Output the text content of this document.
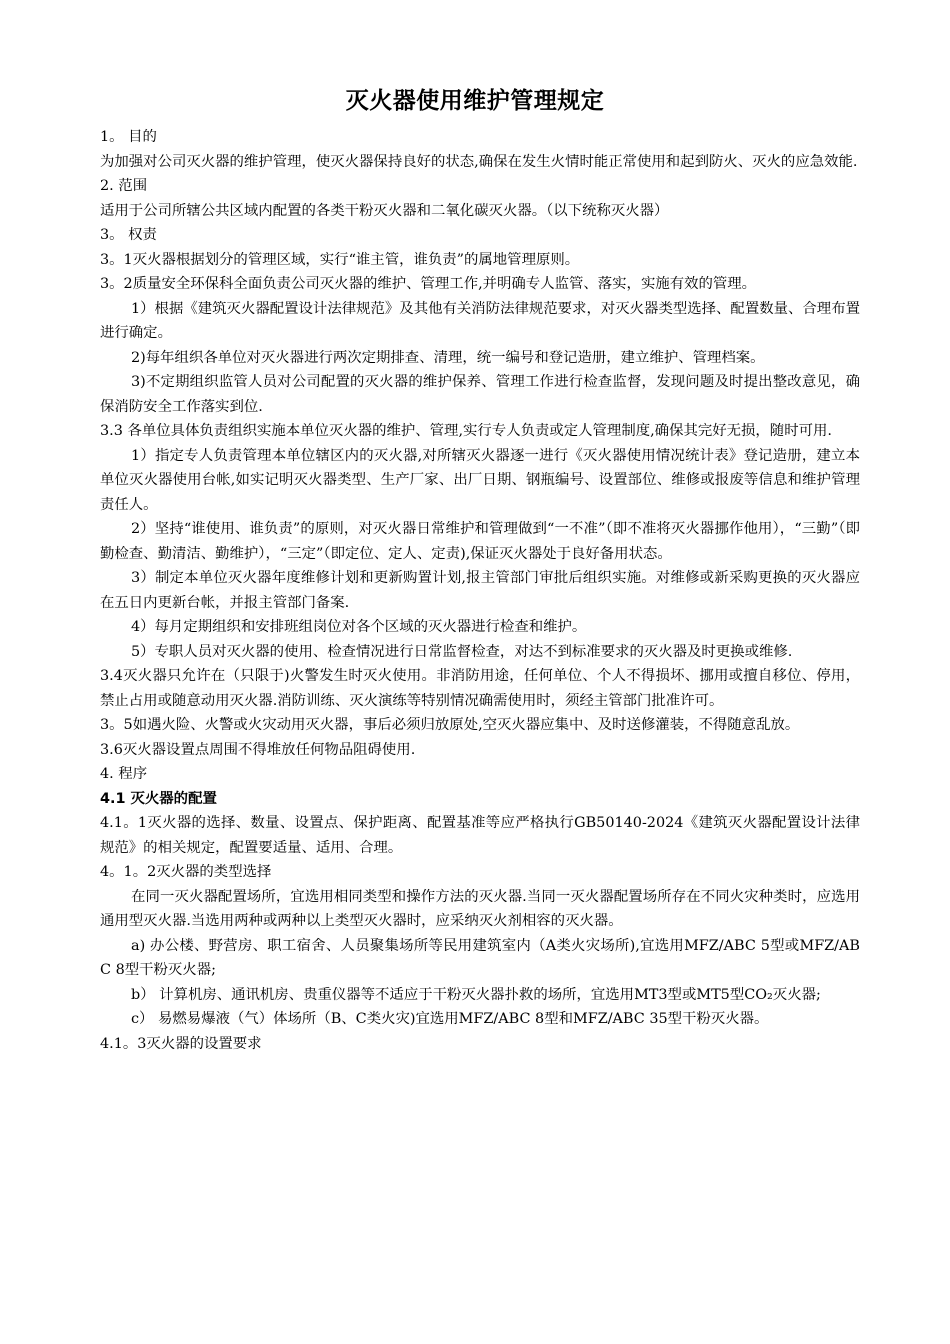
灭火器使用维护管理规定

1。 目的

为加强对公司灭火器的维护管理，使灭火器保持良好的状态,确保在发生火情时能正常使用和起到防火、灭火的应急效能.

2. 范围

适用于公司所辖公共区域内配置的各类干粉灭火器和二氧化碳灭火器。（以下统称灭火器）

3。 权责

3。1灭火器根据划分的管理区域，实行“谁主管，谁负责”的属地管理原则。

3。2质量安全环保科全面负责公司灭火器的维护、管理工作,并明确专人监管、落实，实施有效的管理。

1）根据《建筑灭火器配置设计法律规范》及其他有关消防法律规范要求，对灭火器类型选择、配置数量、合理布置进行确定。

2)每年组织各单位对灭火器进行两次定期排查、清理，统一编号和登记造册，建立维护、管理档案。

3)不定期组织监管人员对公司配置的灭火器的维护保养、管理工作进行检查监督，发现问题及时提出整改意见，确保消防安全工作落实到位.

3.3 各单位具体负责组织实施本单位灭火器的维护、管理,实行专人负责或定人管理制度,确保其完好无损，随时可用.

1）指定专人负责管理本单位辖区内的灭火器,对所辖灭火器逐一进行《灭火器使用情况统计表》登记造册，建立本单位灭火器使用台帐,如实记明灭火器类型、生产厂家、出厂日期、钢瓶编号、设置部位、维修或报废等信息和维护管理责任人。

2）坚持“谁使用、谁负责”的原则，对灭火器日常维护和管理做到“一不准”（即不准将灭火器挪作他用），“三勤”（即勤检查、勤清洁、勤维护），“三定”（即定位、定人、定责),保证灭火器处于良好备用状态。

3）制定本单位灭火器年度维修计划和更新购置计划,报主管部门审批后组织实施。对维修或新采购更换的灭火器应在五日内更新台帐，并报主管部门备案.

4）每月定期组织和安排班组岗位对各个区域的灭火器进行检查和维护。

5）专职人员对灭火器的使用、检查情况进行日常监督检查，对达不到标准要求的灭火器及时更换或维修.

3.4灭火器只允许在（只限于)火警发生时灭火使用。非消防用途，任何单位、个人不得损坏、挪用或擅自移位、停用，禁止占用或随意动用灭火器.消防训练、灭火演练等特别情况确需使用时，须经主管部门批准许可。

3。5如遇火险、火警或火灾动用灭火器，事后必须归放原处,空灭火器应集中、及时送修灌装，不得随意乱放。

3.6灭火器设置点周围不得堆放任何物品阻碍使用.

4. 程序

4.1 灭火器的配置

4.1。1灭火器的选择、数量、设置点、保护距离、配置基准等应严格执行GB50140-2024《建筑灭火器配置设计法律规范》的相关规定，配置要适量、适用、合理。

4。1。2灭火器的类型选择

在同一灭火器配置场所，宜选用相同类型和操作方法的灭火器.当同一灭火器配置场所存在不同火灾种类时，应选用通用型灭火器.当选用两种或两种以上类型灭火器时，应采纳灭火剂相容的灭火器。

a) 办公楼、野营房、职工宿舍、人员聚集场所等民用建筑室内（A类火灾场所),宜选用MFZ/ABC 5型或MFZ/ABC 8型干粉灭火器;

b） 计算机房、通讯机房、贵重仪器等不适应于干粉灭火器扑救的场所，宜选用MT3型或MT5型CO₂灭火器;

c） 易燃易爆液（气）体场所（B、C类火灾)宜选用MFZ/ABC 8型和MFZ/ABC 35型干粉灭火器。

4.1。3灭火器的设置要求
